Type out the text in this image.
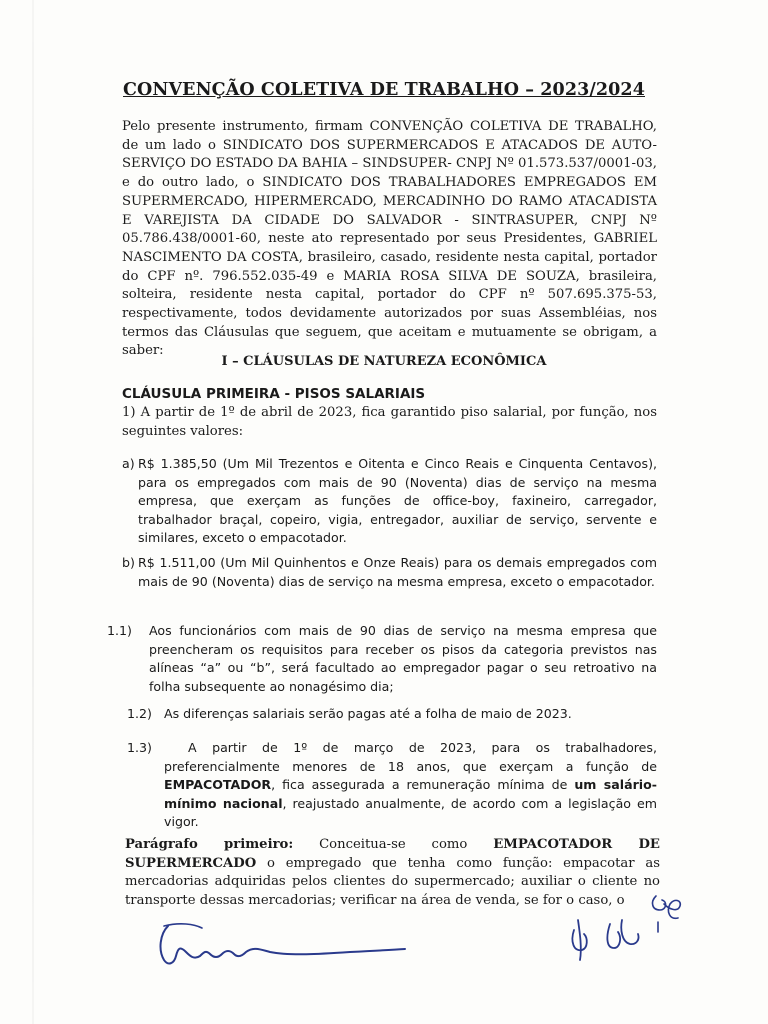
CONVENÇÃO COLETIVA DE TRABALHO – 2023/2024
Pelo presente instrumento, firmam CONVENÇÃO COLETIVA DE TRABALHO, de um lado o SINDICATO DOS SUPERMERCADOS E ATACADOS DE AUTO-SERVIÇO DO ESTADO DA BAHIA – SINDSUPER- CNPJ Nº 01.573.537/0001-03, e do outro lado, o SINDICATO DOS TRABALHADORES EMPREGADOS EM SUPERMERCADO, HIPERMERCADO, MERCADINHO DO RAMO ATACADISTA E VAREJISTA DA CIDADE DO SALVADOR - SINTRASUPER, CNPJ Nº 05.786.438/0001-60, neste ato representado por seus Presidentes, GABRIEL NASCIMENTO DA COSTA, brasileiro, casado, residente nesta capital, portador do CPF nº. 796.552.035-49 e MARIA ROSA SILVA DE SOUZA, brasileira, solteira, residente nesta capital, portador do CPF nº 507.695.375-53, respectivamente, todos devidamente autorizados por suas Assembléias, nos termos das Cláusulas que seguem, que aceitam e mutuamente se obrigam, a saber:
I – CLÁUSULAS DE NATUREZA ECONÔMICA
CLÁUSULA PRIMEIRA - PISOS SALARIAIS
1) A partir de 1º de abril de 2023, fica garantido piso salarial, por função, nos seguintes valores:
a) R$ 1.385,50 (Um Mil Trezentos e Oitenta e Cinco Reais e Cinquenta Centavos), para os empregados com mais de 90 (Noventa) dias de serviço na mesma empresa, que exerçam as funções de office-boy, faxineiro, carregador, trabalhador braçal, copeiro, vigia, entregador, auxiliar de serviço, servente e similares, exceto o empacotador.
b) R$ 1.511,00 (Um Mil Quinhentos e Onze Reais) para os demais empregados com mais de 90 (Noventa) dias de serviço na mesma empresa, exceto o empacotador.
1.1) Aos funcionários com mais de 90 dias de serviço na mesma empresa que preencheram os requisitos para receber os pisos da categoria previstos nas alíneas “a” ou “b”, será facultado ao empregador pagar o seu retroativo na folha subsequente ao nonagésimo dia;
1.2) As diferenças salariais serão pagas até a folha de maio de 2023.
1.3)	A partir de 1º de março de 2023, para os trabalhadores, preferencialmente menores de 18 anos, que exerçam a função de EMPACOTADOR, fica assegurada a remuneração mínima de um salário-mínimo nacional, reajustado anualmente, de acordo com a legislação em vigor.
Parágrafo primeiro: Conceitua-se como EMPACOTADOR DE SUPERMERCADO o empregado que tenha como função: empacotar as mercadorias adquiridas pelos clientes do supermercado; auxiliar o cliente no transporte dessas mercadorias; verificar na área de venda, se for o caso, o
